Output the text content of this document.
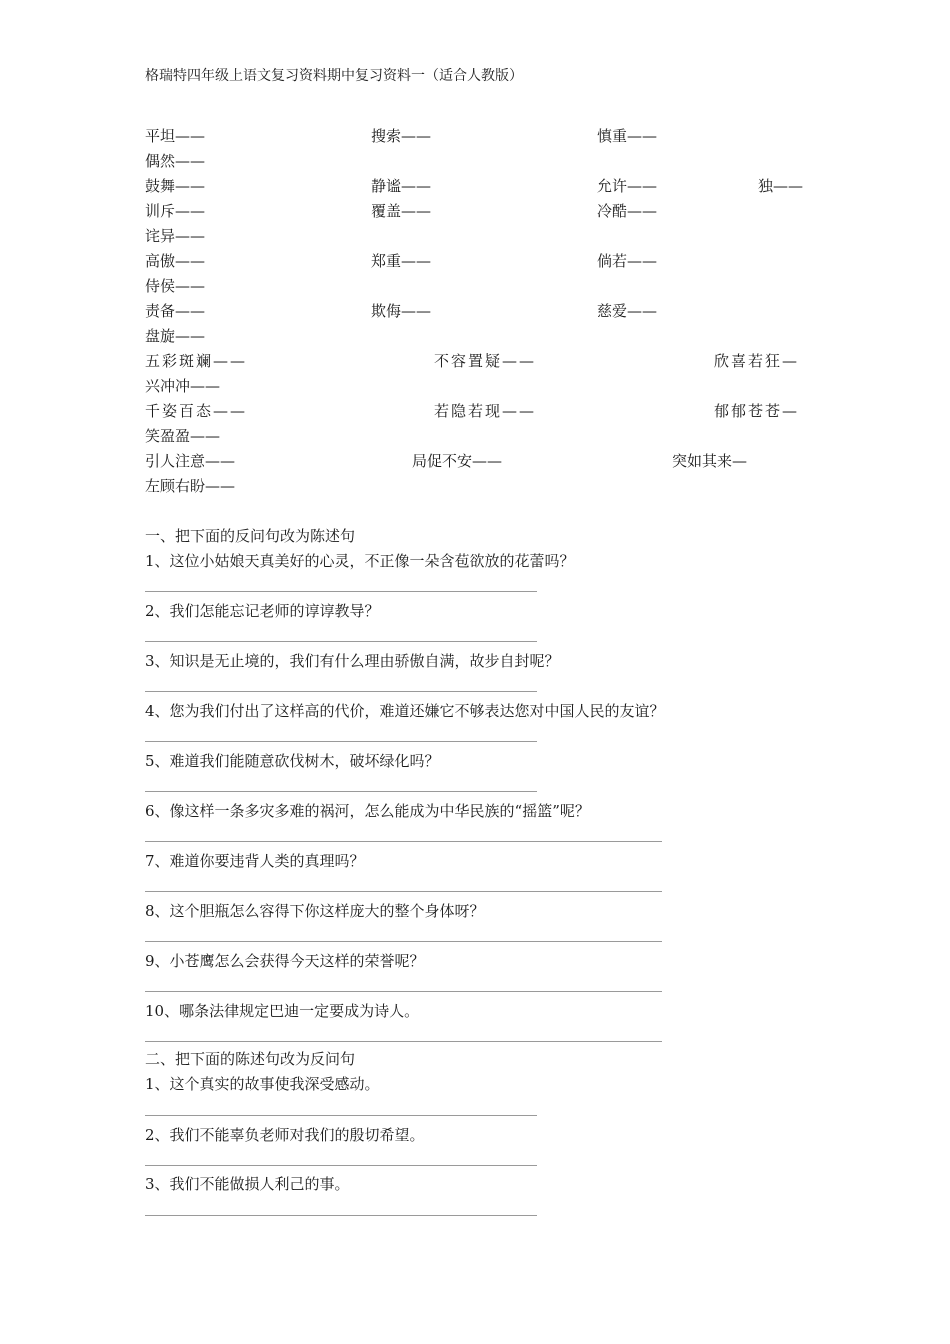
格瑞特四年级上语文复习资料期中复习资料一（适合人教版）
平坦——	搜索——	慎重——
偶然——
鼓舞——	静谧——	允许——	独——
训斥——	覆盖——	冷酷——
诧异——
高傲——	郑重——	倘若——
侍侯——
责备——	欺侮——	慈爱——
盘旋——
五彩斑斓——	不容置疑——	欣喜若狂—
兴冲冲——
千姿百态——	若隐若现——	郁郁苍苍—
笑盈盈——
引人注意——	局促不安——	突如其来—
左顾右盼——
一、把下面的反问句改为陈述句
1、这位小姑娘天真美好的心灵，不正像一朵含苞欲放的花蕾吗？
2、我们怎能忘记老师的谆谆教导？
3、知识是无止境的，我们有什么理由骄傲自满，故步自封呢？
4、您为我们付出了这样高的代价，难道还嫌它不够表达您对中国人民的友谊？
5、难道我们能随意砍伐树木，破坏绿化吗？
6、像这样一条多灾多难的祸河，怎么能成为中华民族的“摇篮”呢？
7、难道你要违背人类的真理吗？
8、这个胆瓶怎么容得下你这样庞大的整个身体呀？
9、小苍鹰怎么会获得今天这样的荣誉呢？
10、哪条法律规定巴迪一定要成为诗人。
二、把下面的陈述句改为反问句
1、这个真实的故事使我深受感动。
2、我们不能辜负老师对我们的殷切希望。
3、我们不能做损人利己的事。
